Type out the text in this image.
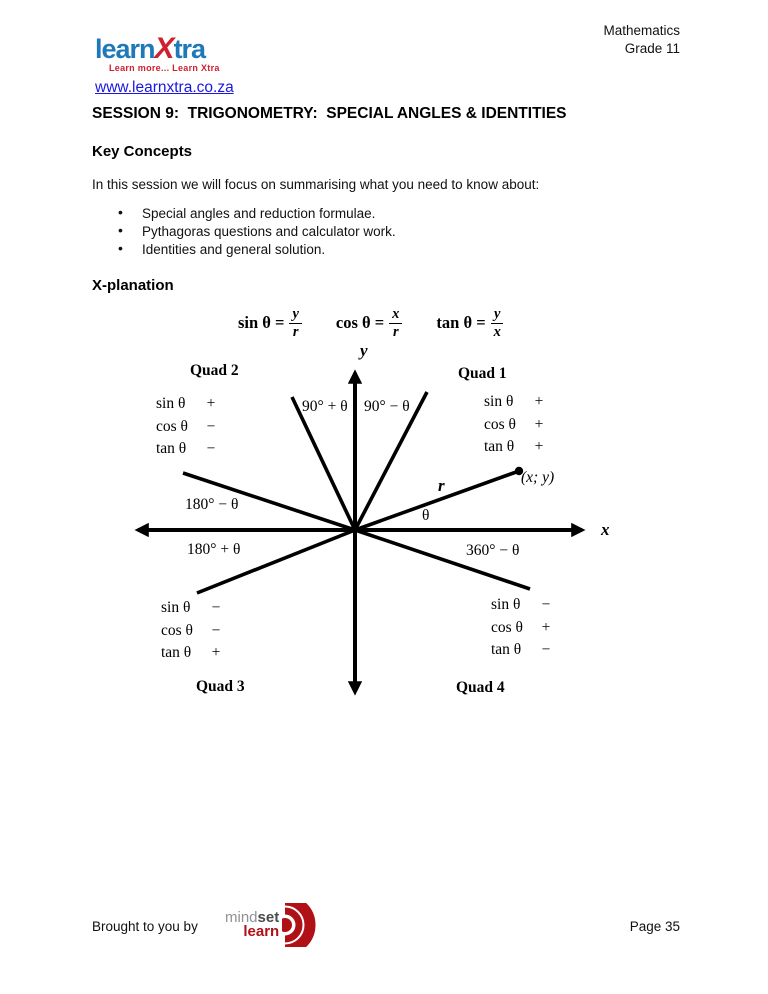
Mathematics
Grade 11
learnXtra
Learn more... Learn Xtra
www.learnxtra.co.za
SESSION 9:  TRIGONOMETRY:  SPECIAL ANGLES & IDENTITIES
Key Concepts

In this session we will focus on summarising what you need to know about:

• Special angles and reduction formulae.
• Pythagoras questions and calculator work.
• Identities and general solution.
X-planation
$\sin \theta = \frac{y}{r}$ $\cos \theta = \frac{x}{r}$ $\tan \theta = \frac{y}{x}$
y
x
90° + θ 90° − θ
180° − θ
180° + θ	360° − θ
r
θ
(x; y)
Quad 2	Quad 1
Quad 3	Quad 4
sin θ	+
cos θ	−
tan θ	−
sin θ	+
cos θ	+
tan θ	+
sin θ	−
cos θ	−
tan θ	+
sin θ	−
cos θ	+
tan θ	−
Brought to you by
mindset
learn	Page 35
